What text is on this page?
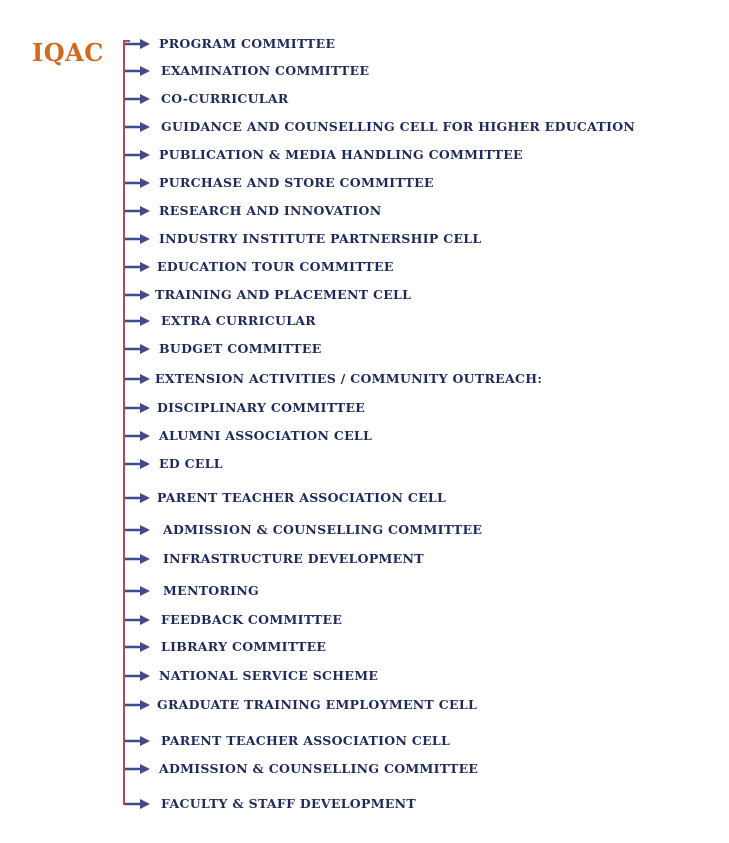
IQAC	PROGRAM COMMITTEE
EXAMINATION COMMITTEE
CO-CURRICULAR
GUIDANCE AND COUNSELLING CELL FOR HIGHER EDUCATION
PUBLICATION & MEDIA HANDLING COMMITTEE
PURCHASE AND STORE COMMITTEE
RESEARCH AND INNOVATION
INDUSTRY INSTITUTE PARTNERSHIP CELL
EDUCATION TOUR COMMITTEE
TRAINING AND PLACEMENT CELL
EXTRA CURRICULAR
BUDGET COMMITTEE
EXTENSION ACTIVITIES / COMMUNITY OUTREACH:
DISCIPLINARY COMMITTEE
ALUMNI ASSOCIATION CELL
ED CELL
PARENT TEACHER ASSOCIATION CELL
ADMISSION & COUNSELLING COMMITTEE
INFRASTRUCTURE DEVELOPMENT
MENTORING
FEEDBACK COMMITTEE
LIBRARY COMMITTEE
NATIONAL SERVICE SCHEME
GRADUATE TRAINING EMPLOYMENT CELL
PARENT TEACHER ASSOCIATION CELL
ADMISSION & COUNSELLING COMMITTEE
FACULTY & STAFF DEVELOPMENT
